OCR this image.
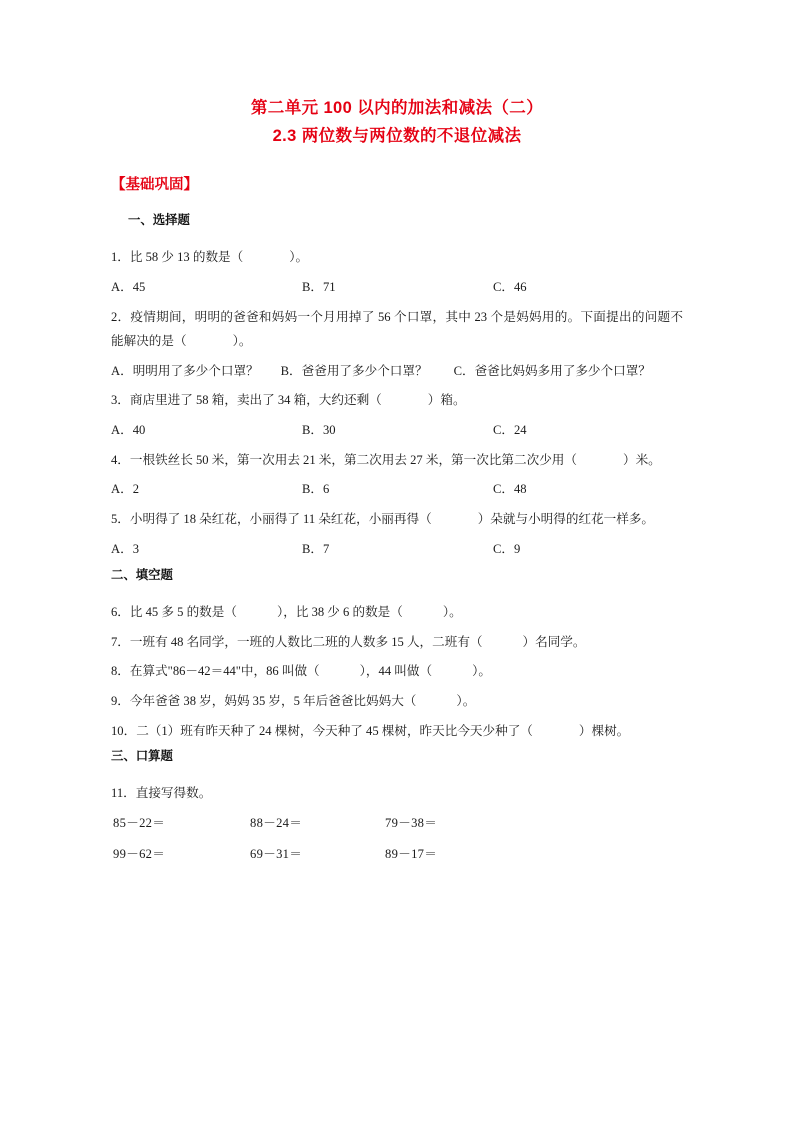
第二单元 100 以内的加法和减法（二）
2.3 两位数与两位数的不退位减法
【基础巩固】
一、选择题
1．比 58 少 13 的数是（	）。
A．45	B．71	C．46
2．疫情期间，明明的爸爸和妈妈一个月用掉了 56 个口罩，其中 23 个是妈妈用的。下面提出的问题不能解决的是（	）。
A．明明用了多少个口罩？ B．爸爸用了多少个口罩？ C．爸爸比妈妈多用了多少个口罩？
3．商店里进了 58 箱，卖出了 34 箱，大约还剩（	）箱。
A．40	B．30	C．24
4．一根铁丝长 50 米，第一次用去 21 米，第二次用去 27 米，第一次比第二次少用（	）米。
A．2	B．6	C．48
5．小明得了 18 朵红花，小丽得了 11 朵红花，小丽再得（	）朵就与小明得的红花一样多。
A．3	B．7	C．9
二、填空题
6．比 45 多 5 的数是（	），比 38 少 6 的数是（	）。
7．一班有 48 名同学，一班的人数比二班的人数多 15 人，二班有（	）名同学。
8．在算式"86－42＝44"中，86 叫做（	），44 叫做（	）。
9．今年爸爸 38 岁，妈妈 35 岁，5 年后爸爸比妈妈大（	）。
10．二（1）班有昨天种了 24 棵树，今天种了 45 棵树，昨天比今天少种了（	）棵树。
三、口算题
11．直接写得数。
85－22＝	88－24＝	79－38＝
99－62＝	69－31＝	89－17＝
